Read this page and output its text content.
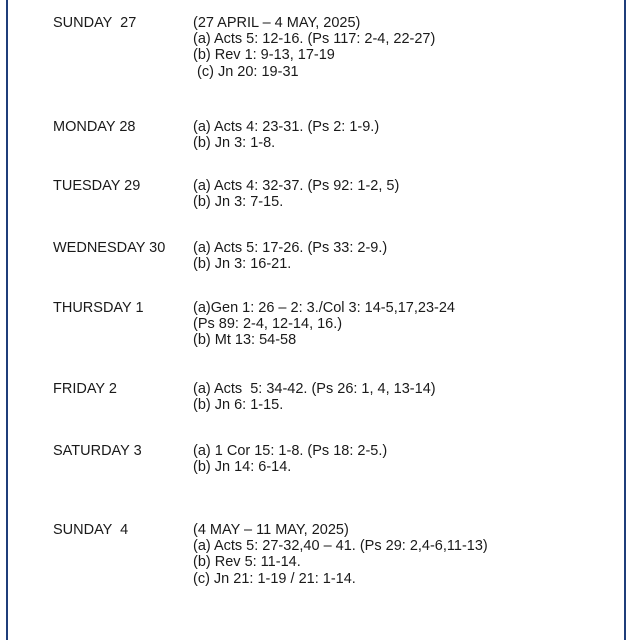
SUNDAY  27	(27 APRIL – 4 MAY, 2025)
(a) Acts 5: 12-16. (Ps 117: 2-4, 22-27)
(b) Rev 1: 9-13, 17-19
(c) Jn 20: 19-31
MONDAY 28	(a) Acts 4: 23-31. (Ps 2: 1-9.)
(b) Jn 3: 1-8.
TUESDAY 29	(a) Acts 4: 32-37. (Ps 92: 1-2, 5)
(b) Jn 3: 7-15.
WEDNESDAY 30 (a) Acts 5: 17-26. (Ps 33: 2-9.)
(b) Jn 3: 16-21.
THURSDAY 1	(a)Gen 1: 26 – 2: 3./Col 3: 14-5,17,23-24
(Ps 89: 2-4, 12-14, 16.)
(b) Mt 13: 54-58
FRIDAY 2	(a) Acts  5: 34-42. (Ps 26: 1, 4, 13-14)
(b) Jn 6: 1-15.
SATURDAY 3	(a) 1 Cor 15: 1-8. (Ps 18: 2-5.)
(b) Jn 14: 6-14.
SUNDAY  4	(4 MAY – 11 MAY, 2025)
(a) Acts 5: 27-32,40 – 41. (Ps 29: 2,4-6,11-13)
(b) Rev 5: 11-14.
(c) Jn 21: 1-19 / 21: 1-14.
